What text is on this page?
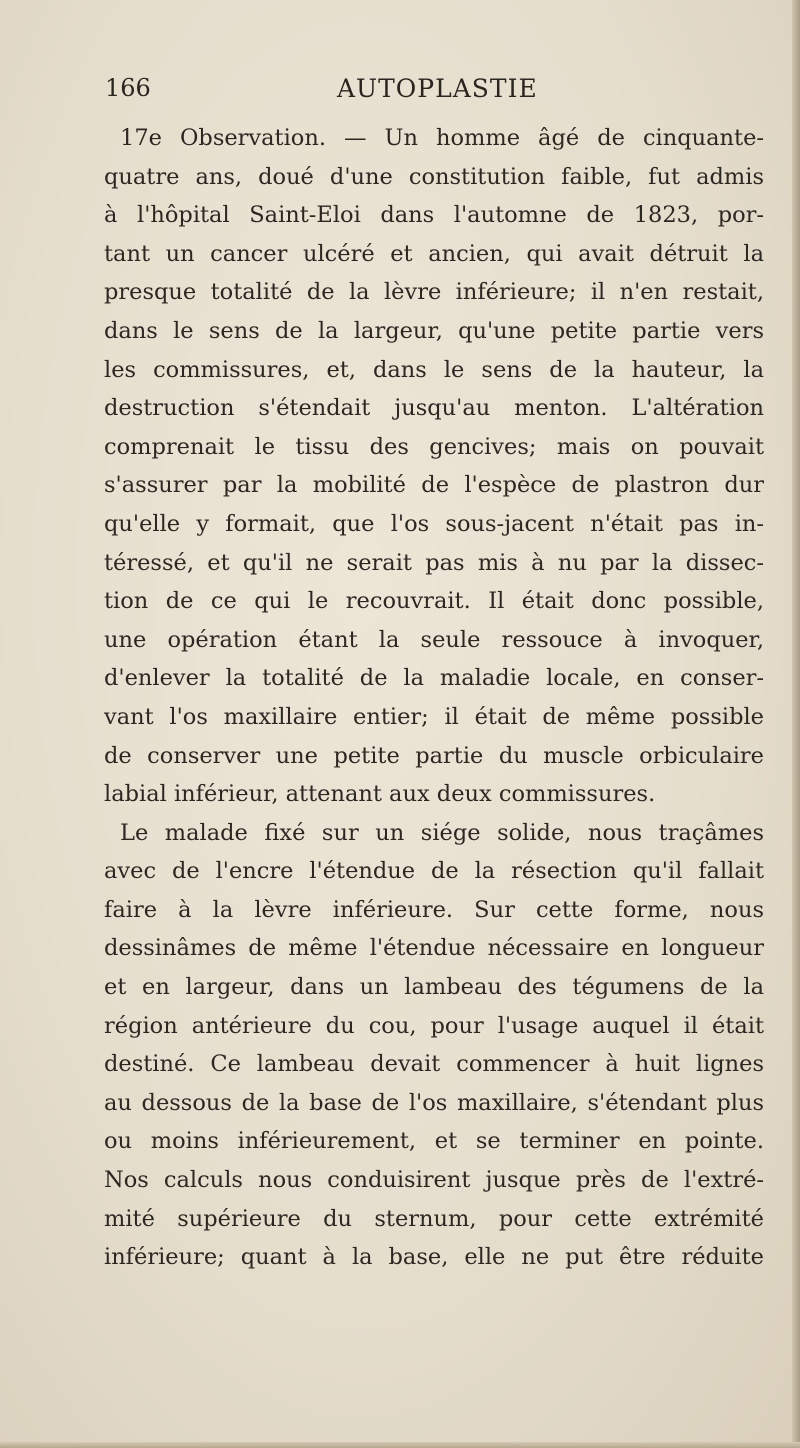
166	AUTOPLASTIE
17e Observation. — Un homme âgé de cinquante-
quatre ans, doué d'une constitution faible, fut admis
à l'hôpital Saint-Eloi dans l'automne de 1823, por-
tant un cancer ulcéré et ancien, qui avait détruit la
presque totalité de la lèvre inférieure; il n'en restait,
dans le sens de la largeur, qu'une petite partie vers
les commissures, et, dans le sens de la hauteur, la
destruction s'étendait jusqu'au menton. L'altération
comprenait le tissu des gencives; mais on pouvait
s'assurer par la mobilité de l'espèce de plastron dur
qu'elle y formait, que l'os sous-jacent n'était pas in-
téressé, et qu'il ne serait pas mis à nu par la dissec-
tion de ce qui le recouvrait. Il était donc possible,
une opération étant la seule ressouce à invoquer,
d'enlever la totalité de la maladie locale, en conser-
vant l'os maxillaire entier; il était de même possible
de conserver une petite partie du muscle orbiculaire
labial inférieur, attenant aux deux commissures.
Le malade fixé sur un siége solide, nous traçâmes
avec de l'encre l'étendue de la résection qu'il fallait
faire à la lèvre inférieure. Sur cette forme, nous
dessinâmes de même l'étendue nécessaire en longueur
et en largeur, dans un lambeau des tégumens de la
région antérieure du cou, pour l'usage auquel il était
destiné. Ce lambeau devait commencer à huit lignes
au dessous de la base de l'os maxillaire, s'étendant plus
ou moins inférieurement, et se terminer en pointe.
Nos calculs nous conduisirent jusque près de l'extré-
mité supérieure du sternum, pour cette extrémité
inférieure; quant à la base, elle ne put être réduite
